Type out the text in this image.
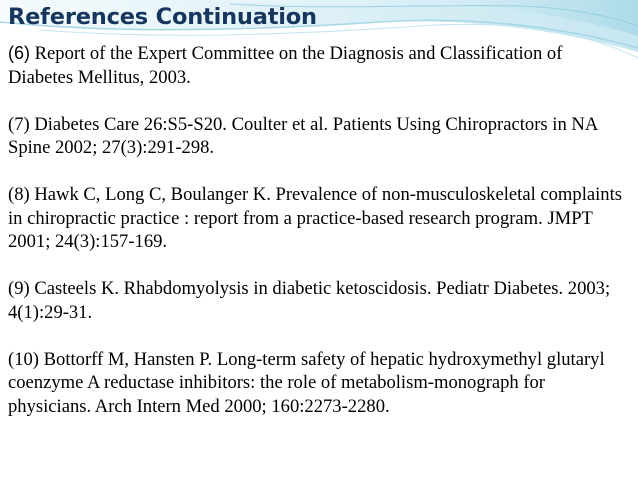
References Continuation
(6) Report of the Expert Committee on the Diagnosis and Classification of Diabetes Mellitus, 2003.
(7) Diabetes Care 26:S5-S20. Coulter et al. Patients Using Chiropractors in NA Spine 2002; 27(3):291-298.
(8) Hawk C, Long C, Boulanger K. Prevalence of non-musculoskeletal complaints in chiropractic practice : report from a practice-based research program. JMPT 2001; 24(3):157-169.
(9) Casteels K. Rhabdomyolysis in diabetic ketoscidosis. Pediatr Diabetes. 2003; 4(1):29-31.
(10) Bottorff M, Hansten P. Long-term safety of hepatic hydroxymethyl glutaryl coenzyme A reductase inhibitors: the role of metabolism-monograph for physicians. Arch Intern Med 2000; 160:2273-2280.
